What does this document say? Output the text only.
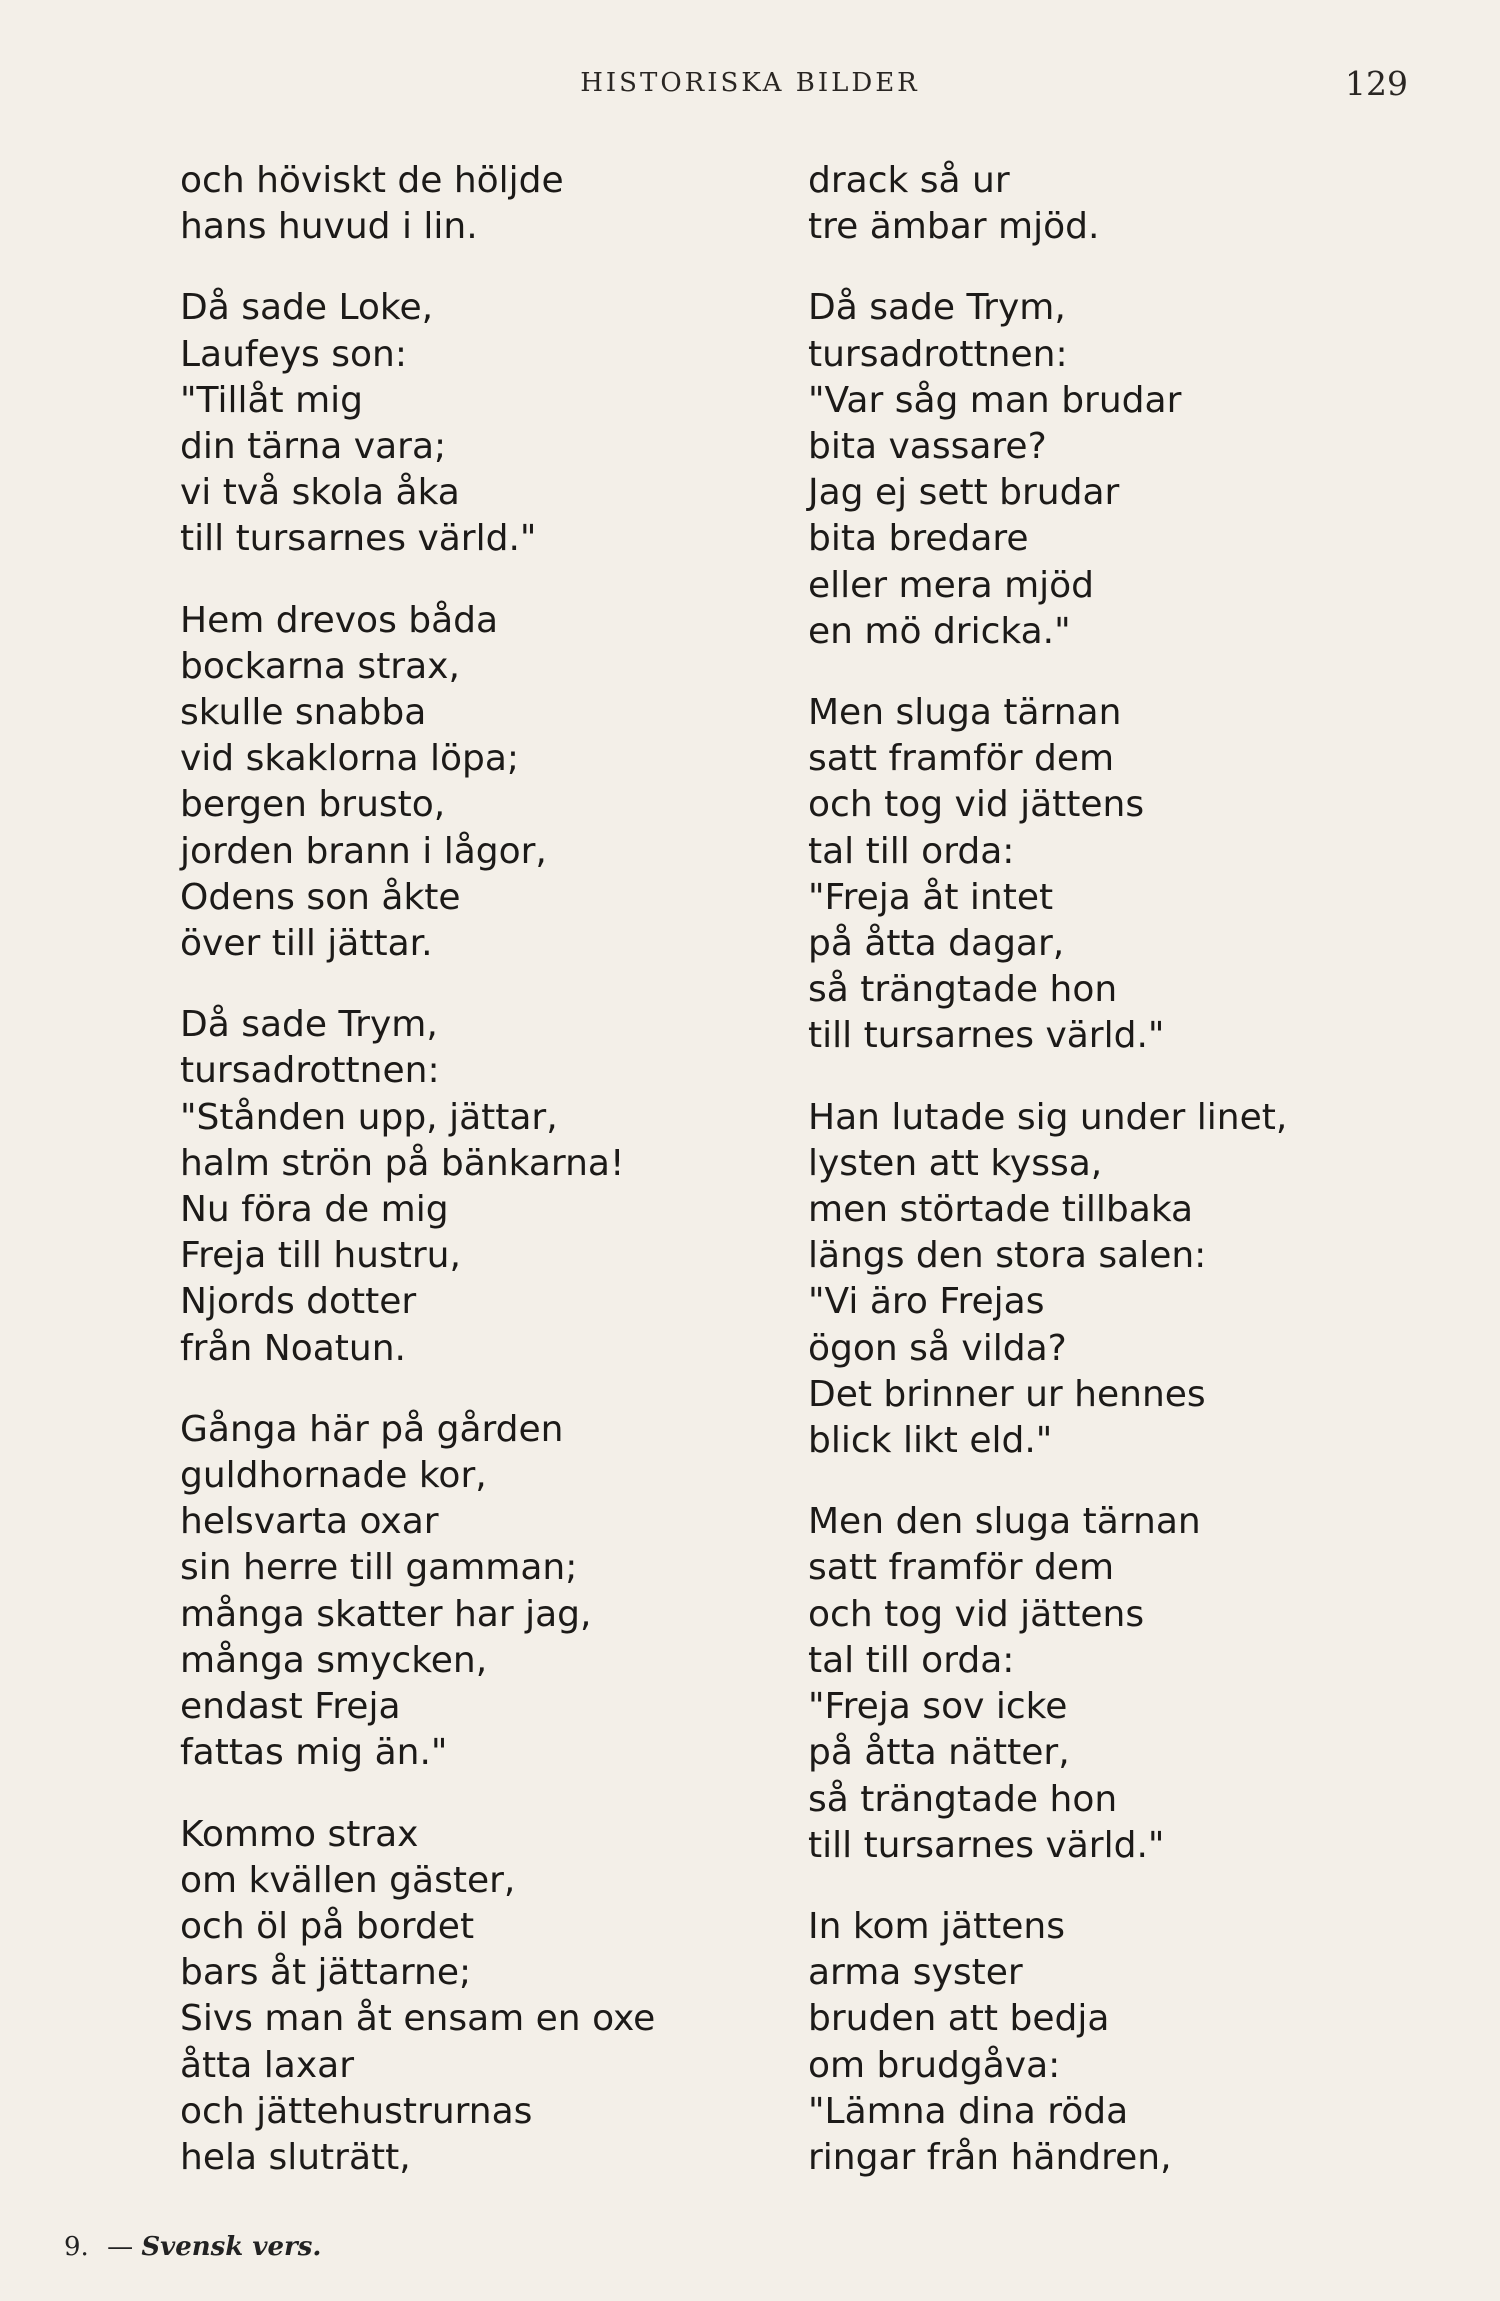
HISTORISKA BILDER	129
och höviskt de höljde
hans huvud i lin.
Då sade Loke,
Laufeys son:
"Tillåt mig
din tärna vara;
vi två skola åka
till tursarnes värld."
Hem drevos båda
bockarna strax,
skulle snabba
vid skaklorna löpa;
bergen brusto,
jorden brann i lågor,
Odens son åkte
över till jättar.
Då sade Trym,
tursadrottnen:
"Stånden upp, jättar,
halm strön på bänkarna!
Nu föra de mig
Freja till hustru,
Njords dotter
från Noatun.
Gånga här på gården
guldhornade kor,
helsvarta oxar
sin herre till gamman;
många skatter har jag,
många smycken,
endast Freja
fattas mig än."
Kommo strax
om kvällen gäster,
och öl på bordet
bars åt jättarne;
Sivs man åt ensam en oxe
åtta laxar
och jättehustrurnas
hela sluträtt,
drack så ur
tre ämbar mjöd.
Då sade Trym,
tursadrottnen:
"Var såg man brudar
bita vassare?
Jag ej sett brudar
bita bredare
eller mera mjöd
en mö dricka."
Men sluga tärnan
satt framför dem
och tog vid jättens
tal till orda:
"Freja åt intet
på åtta dagar,
så trängtade hon
till tursarnes värld."
Han lutade sig under linet,
lysten att kyssa,
men störtade tillbaka
längs den stora salen:
"Vi äro Frejas
ögon så vilda?
Det brinner ur hennes
blick likt eld."
Men den sluga tärnan
satt framför dem
och tog vid jättens
tal till orda:
"Freja sov icke
på åtta nätter,
så trängtade hon
till tursarnes värld."
In kom jättens
arma syster
bruden att bedja
om brudgåva:
"Lämna dina röda
ringar från händren,
9. — Svensk vers.
